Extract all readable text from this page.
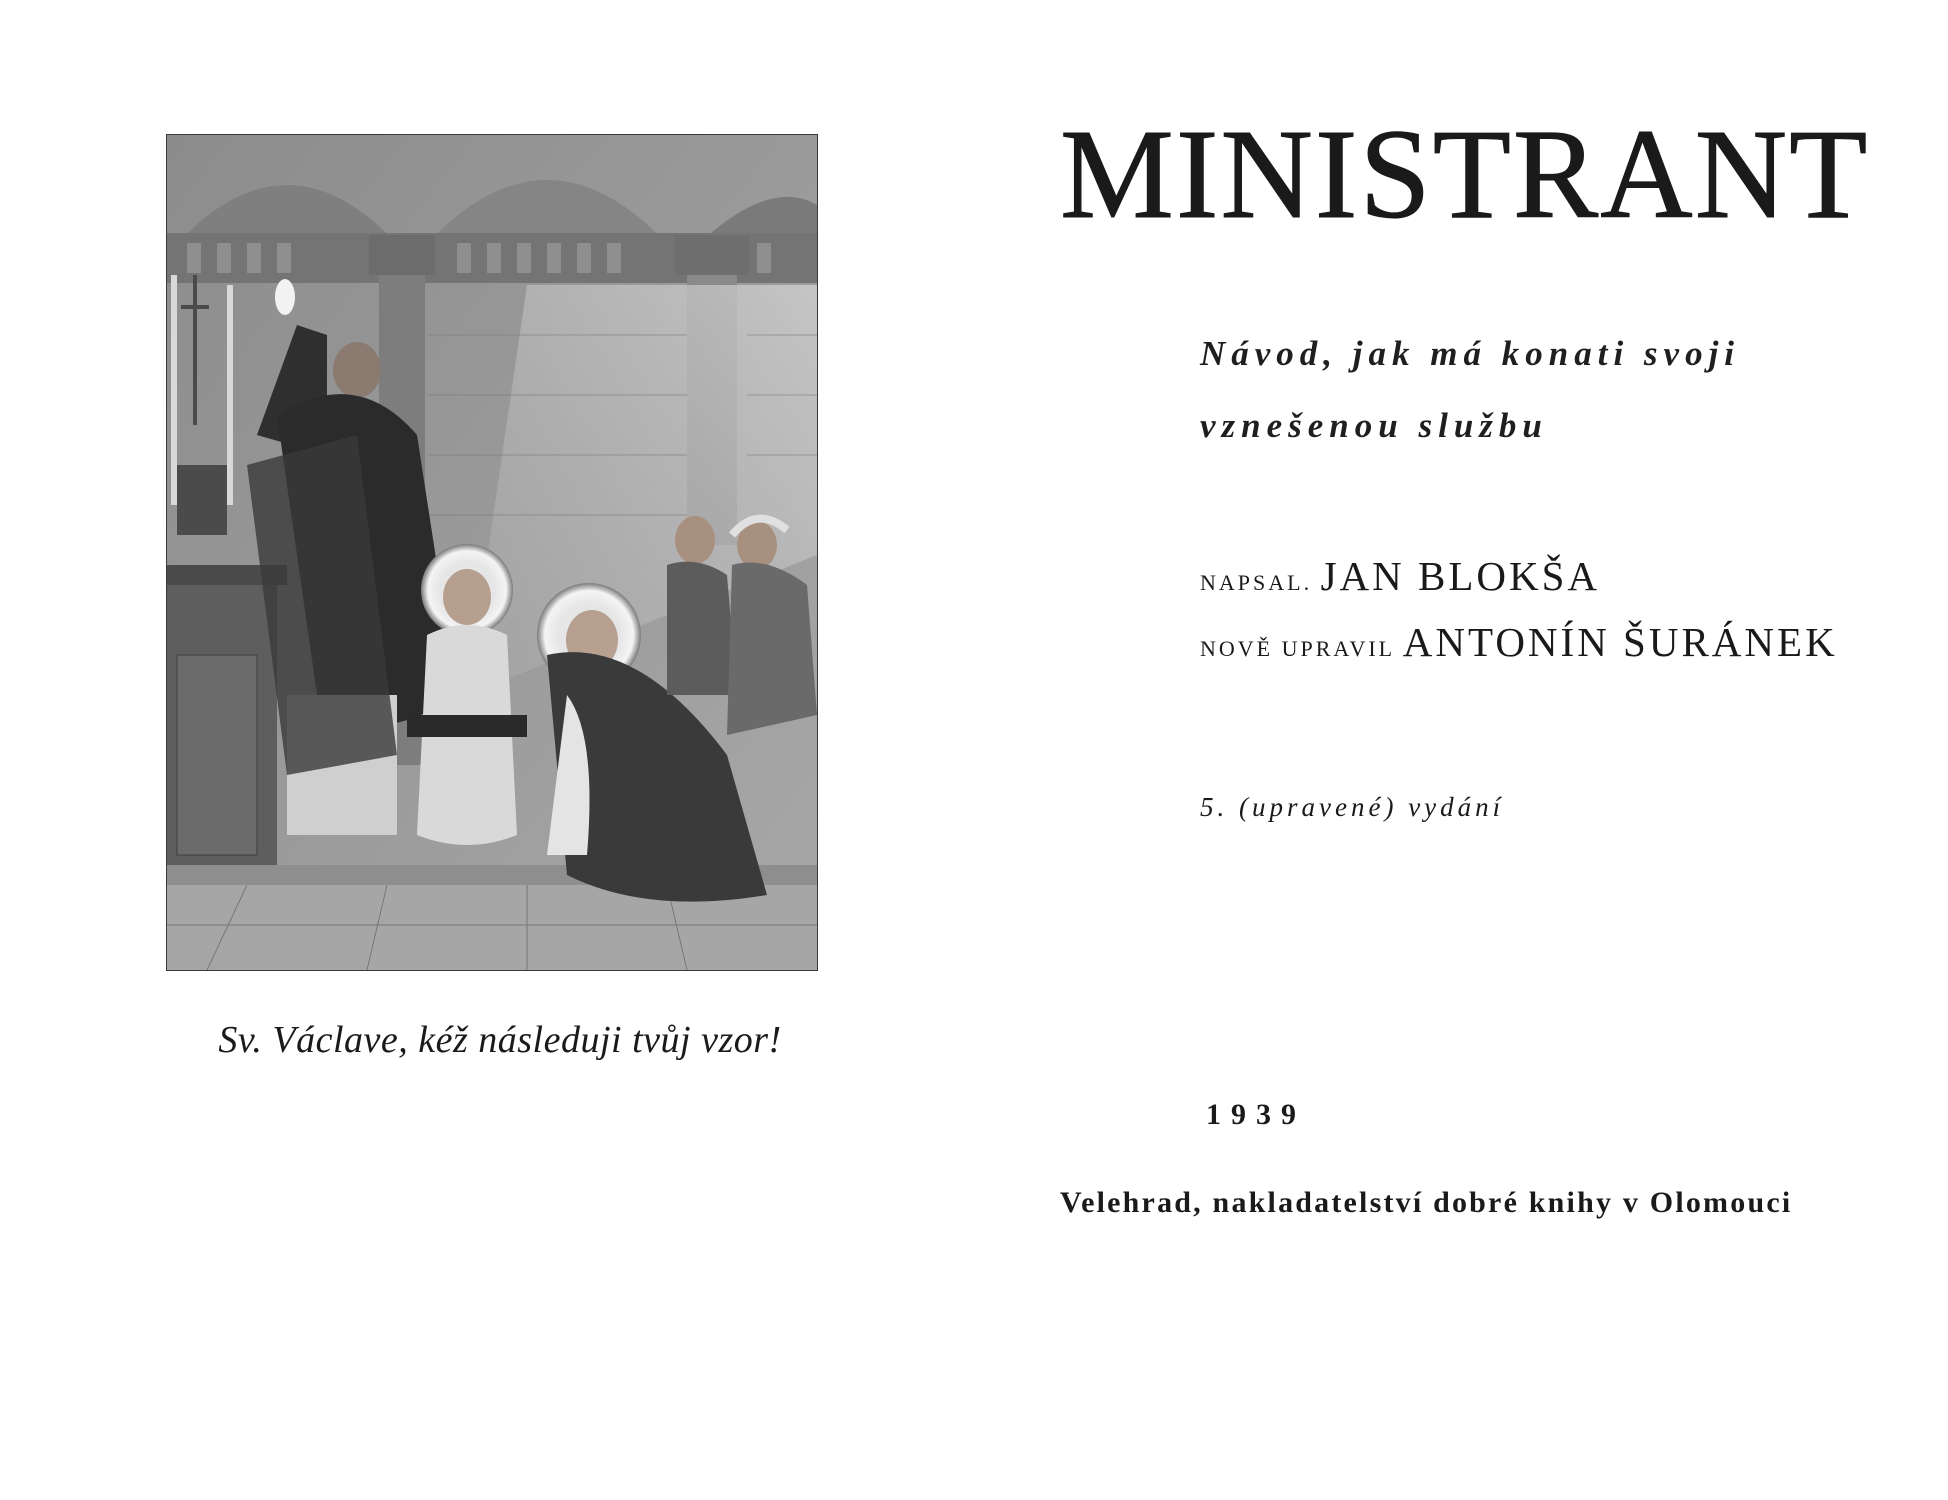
Sv. Václave, kéž následuji tvůj vzor!
MINISTRANT
Návod, jak má konati svoji
vznešenou službu
NAPSAL. JAN BLOKŠA
NOVĚ UPRAVIL ANTONÍN ŠURÁNEK
5. (upravené) vydání
1939
Velehrad, nakladatelství dobré knihy v Olomouci
